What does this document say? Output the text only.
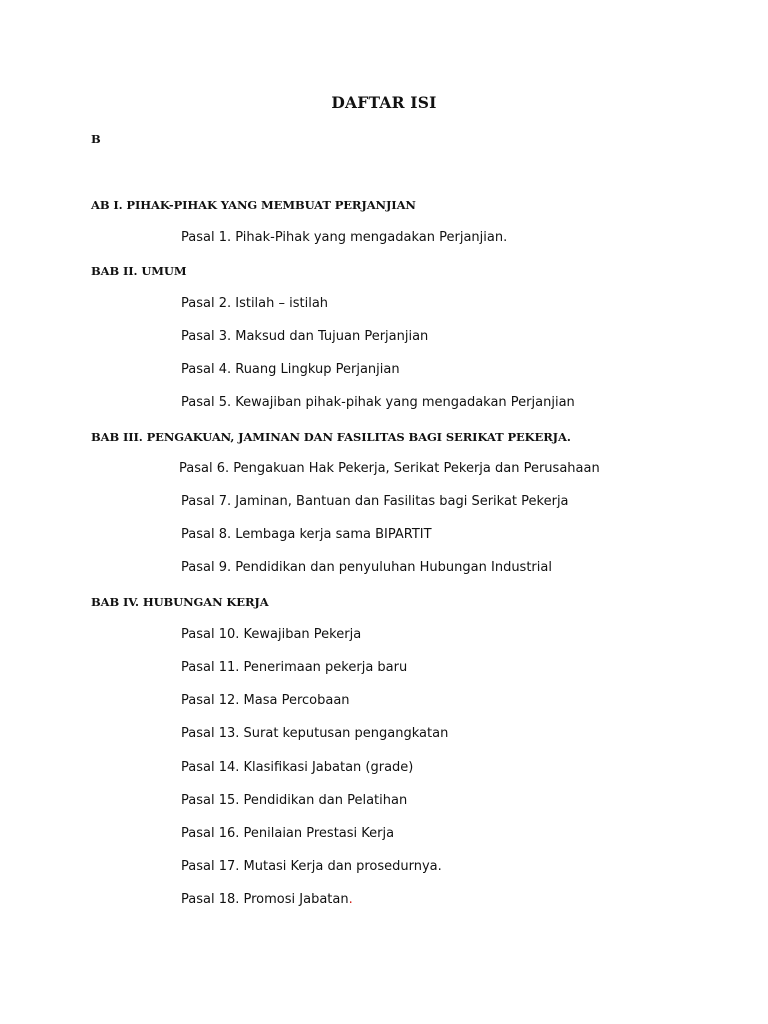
DAFTAR ISI
B
AB I. PIHAK-PIHAK YANG MEMBUAT PERJANJIAN
Pasal 1. Pihak-Pihak yang mengadakan Perjanjian.
BAB II. UMUM
Pasal 2. Istilah – istilah
Pasal 3. Maksud dan Tujuan Perjanjian
Pasal 4. Ruang Lingkup Perjanjian
Pasal 5. Kewajiban pihak-pihak yang mengadakan Perjanjian
BAB III. PENGAKUAN, JAMINAN DAN FASILITAS BAGI SERIKAT PEKERJA.
Pasal 6. Pengakuan Hak Pekerja, Serikat Pekerja dan Perusahaan
Pasal 7. Jaminan, Bantuan dan Fasilitas bagi Serikat Pekerja
Pasal 8. Lembaga kerja sama BIPARTIT
Pasal 9. Pendidikan dan penyuluhan Hubungan Industrial
BAB IV. HUBUNGAN KERJA
Pasal 10. Kewajiban Pekerja
Pasal 11. Penerimaan pekerja baru
Pasal 12. Masa Percobaan
Pasal 13. Surat keputusan pengangkatan
Pasal 14. Klasifikasi Jabatan (grade)
Pasal 15. Pendidikan dan Pelatihan
Pasal 16. Penilaian Prestasi Kerja
Pasal 17. Mutasi Kerja dan prosedurnya.
Pasal 18. Promosi Jabatan.
